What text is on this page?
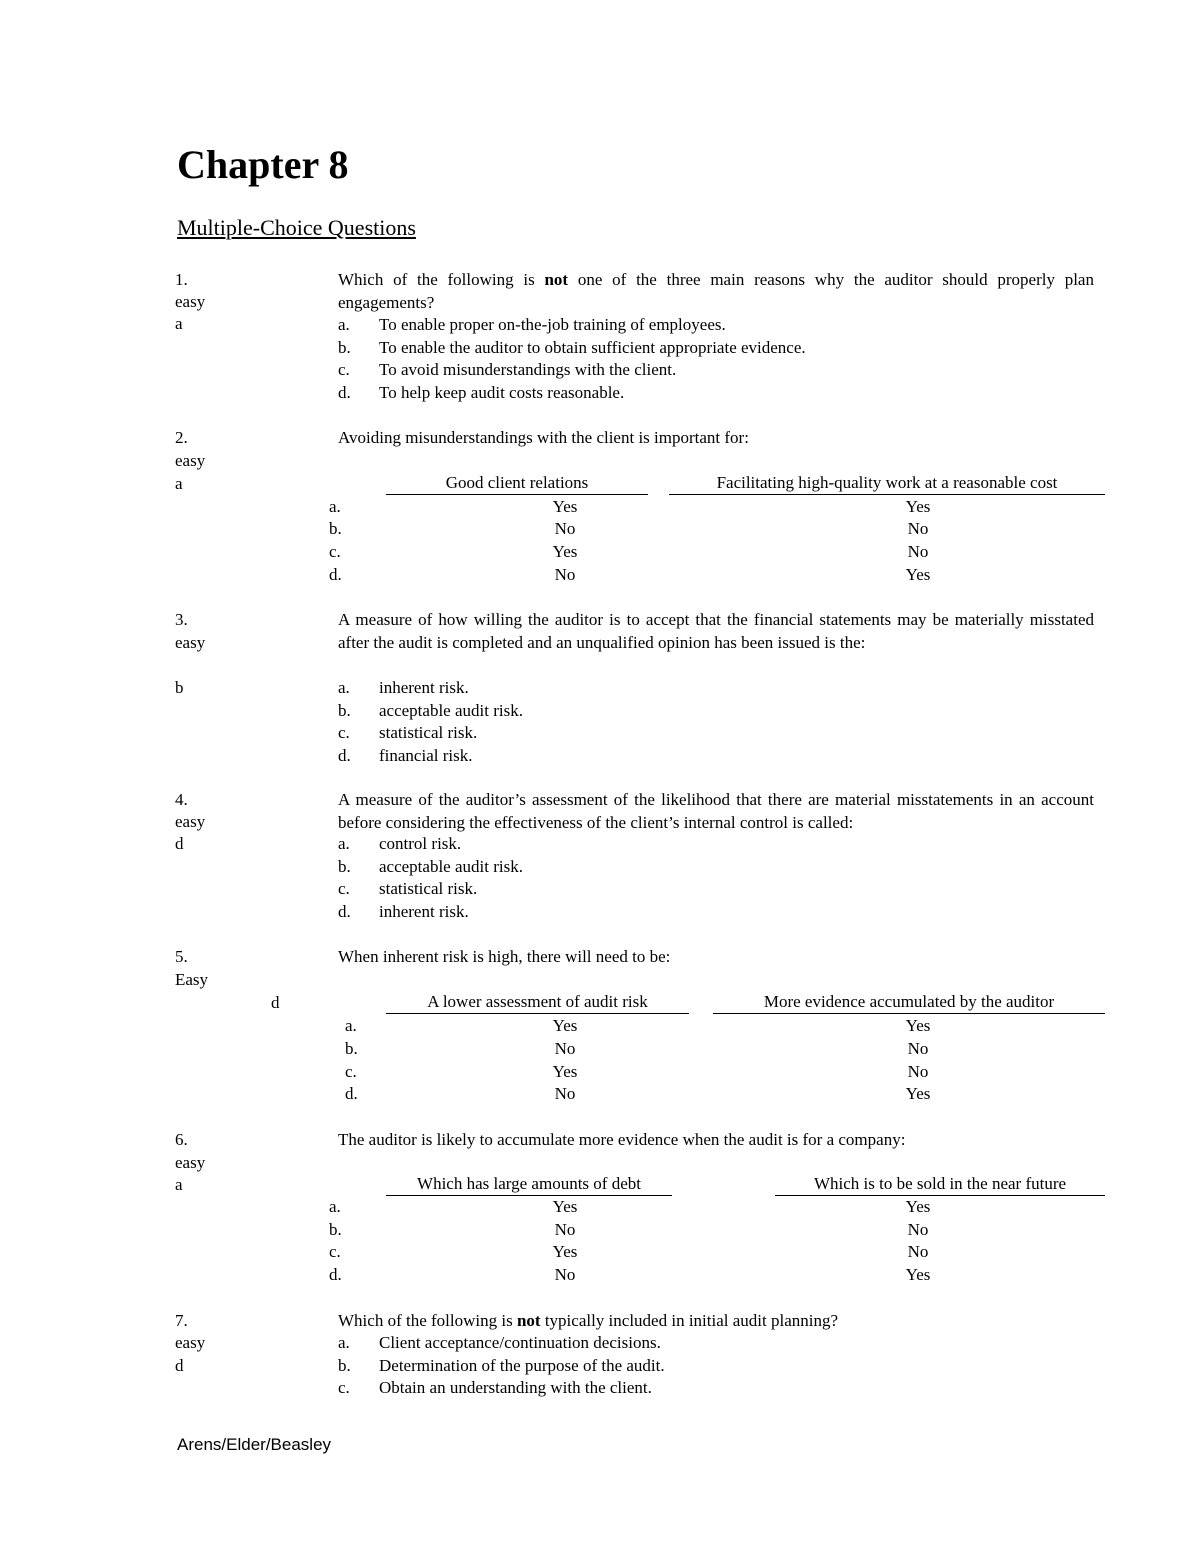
Chapter 8
Multiple-Choice Questions
1.
easy
a
Which of the following is not one of the three main reasons why the auditor should properly plan engagements?
a. To enable proper on-the-job training of employees.
b. To enable the auditor to obtain sufficient appropriate evidence.
c. To avoid misunderstandings with the client.
d. To help keep audit costs reasonable.
2.
easy
a
Avoiding misunderstandings with the client is important for:
Good client relations	Facilitating high-quality work at a reasonable cost
a.	Yes	Yes
b.	No	No
c.	Yes	No
d.	No	Yes
3.
easy
b
A measure of how willing the auditor is to accept that the financial statements may be materially misstated after the audit is completed and an unqualified opinion has been issued is the:
a. inherent risk.
b. acceptable audit risk.
c. statistical risk.
d. financial risk.
4.
easy
d
A measure of the auditor’s assessment of the likelihood that there are material misstatements in an account before considering the effectiveness of the client’s internal control is called:
a. control risk.
b. acceptable audit risk.
c. statistical risk.
d. inherent risk.
5.
Easy
d
When inherent risk is high, there will need to be:
A lower assessment of audit risk	More evidence accumulated by the auditor
a.	Yes	Yes
b.	No	No
c.	Yes	No
d.	No	Yes
6.
easy
a
The auditor is likely to accumulate more evidence when the audit is for a company:
Which has large amounts of debt	Which is to be sold in the near future
a.	Yes	Yes
b.	No	No
c.	Yes	No
d.	No	Yes
7.
easy
d
Which of the following is not typically included in initial audit planning?
a. Client acceptance/continuation decisions.
b. Determination of the purpose of the audit.
c. Obtain an understanding with the client.
Arens/Elder/Beasley
